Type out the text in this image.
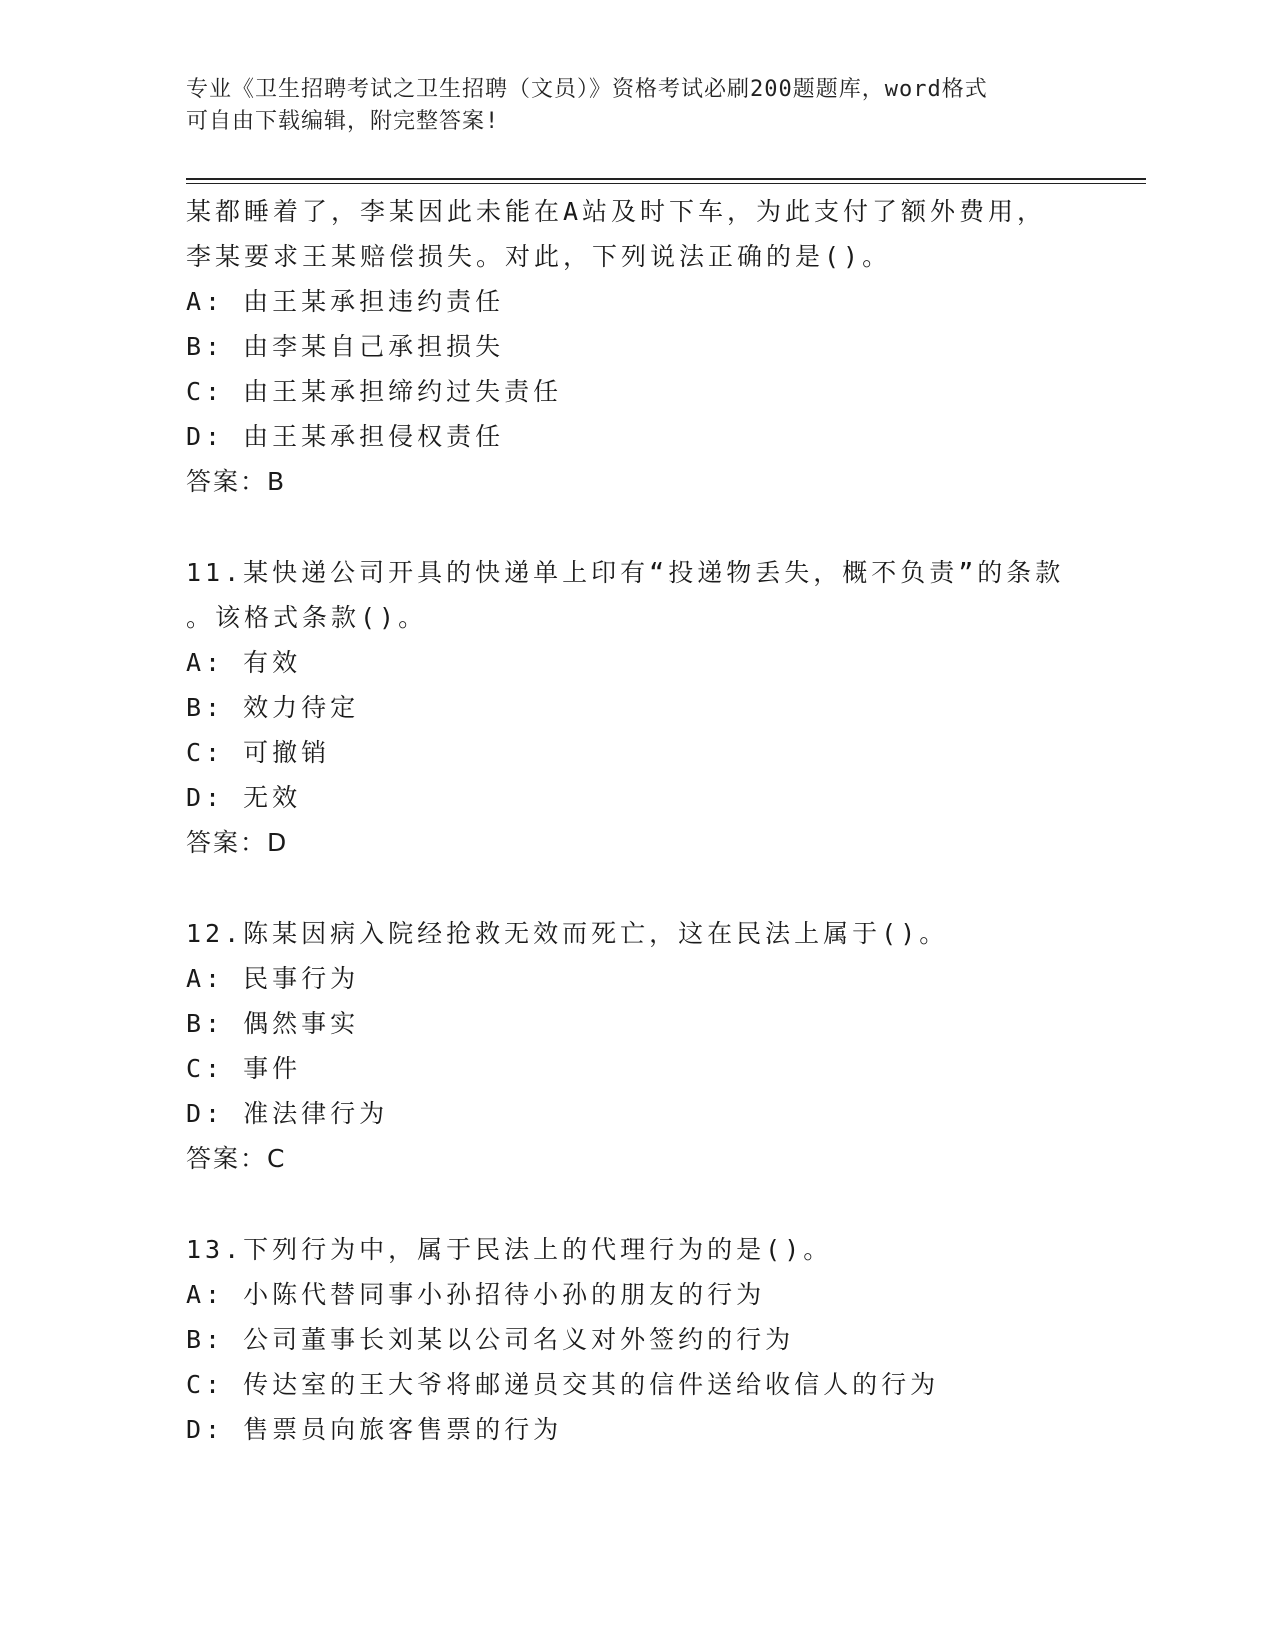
专业《卫生招聘考试之卫生招聘（文员）》资格考试必刷200题题库，word格式
可自由下载编辑，附完整答案!
某都睡着了，李某因此未能在A站及时下车，为此支付了额外费用，
李某要求王某赔偿损失。对此，下列说法正确的是()。
A: 由王某承担违约责任
B: 由李某自己承担损失
C: 由王某承担缔约过失责任
D: 由王某承担侵权责任
答案：B
11.某快递公司开具的快递单上印有“投递物丢失，概不负责”的条款
。该格式条款()。
A: 有效
B: 效力待定
C: 可撤销
D: 无效
答案：D
12.陈某因病入院经抢救无效而死亡，这在民法上属于()。
A: 民事行为
B: 偶然事实
C: 事件
D: 准法律行为
答案：C
13.下列行为中，属于民法上的代理行为的是()。
A: 小陈代替同事小孙招待小孙的朋友的行为
B: 公司董事长刘某以公司名义对外签约的行为
C: 传达室的王大爷将邮递员交其的信件送给收信人的行为
D: 售票员向旅客售票的行为
